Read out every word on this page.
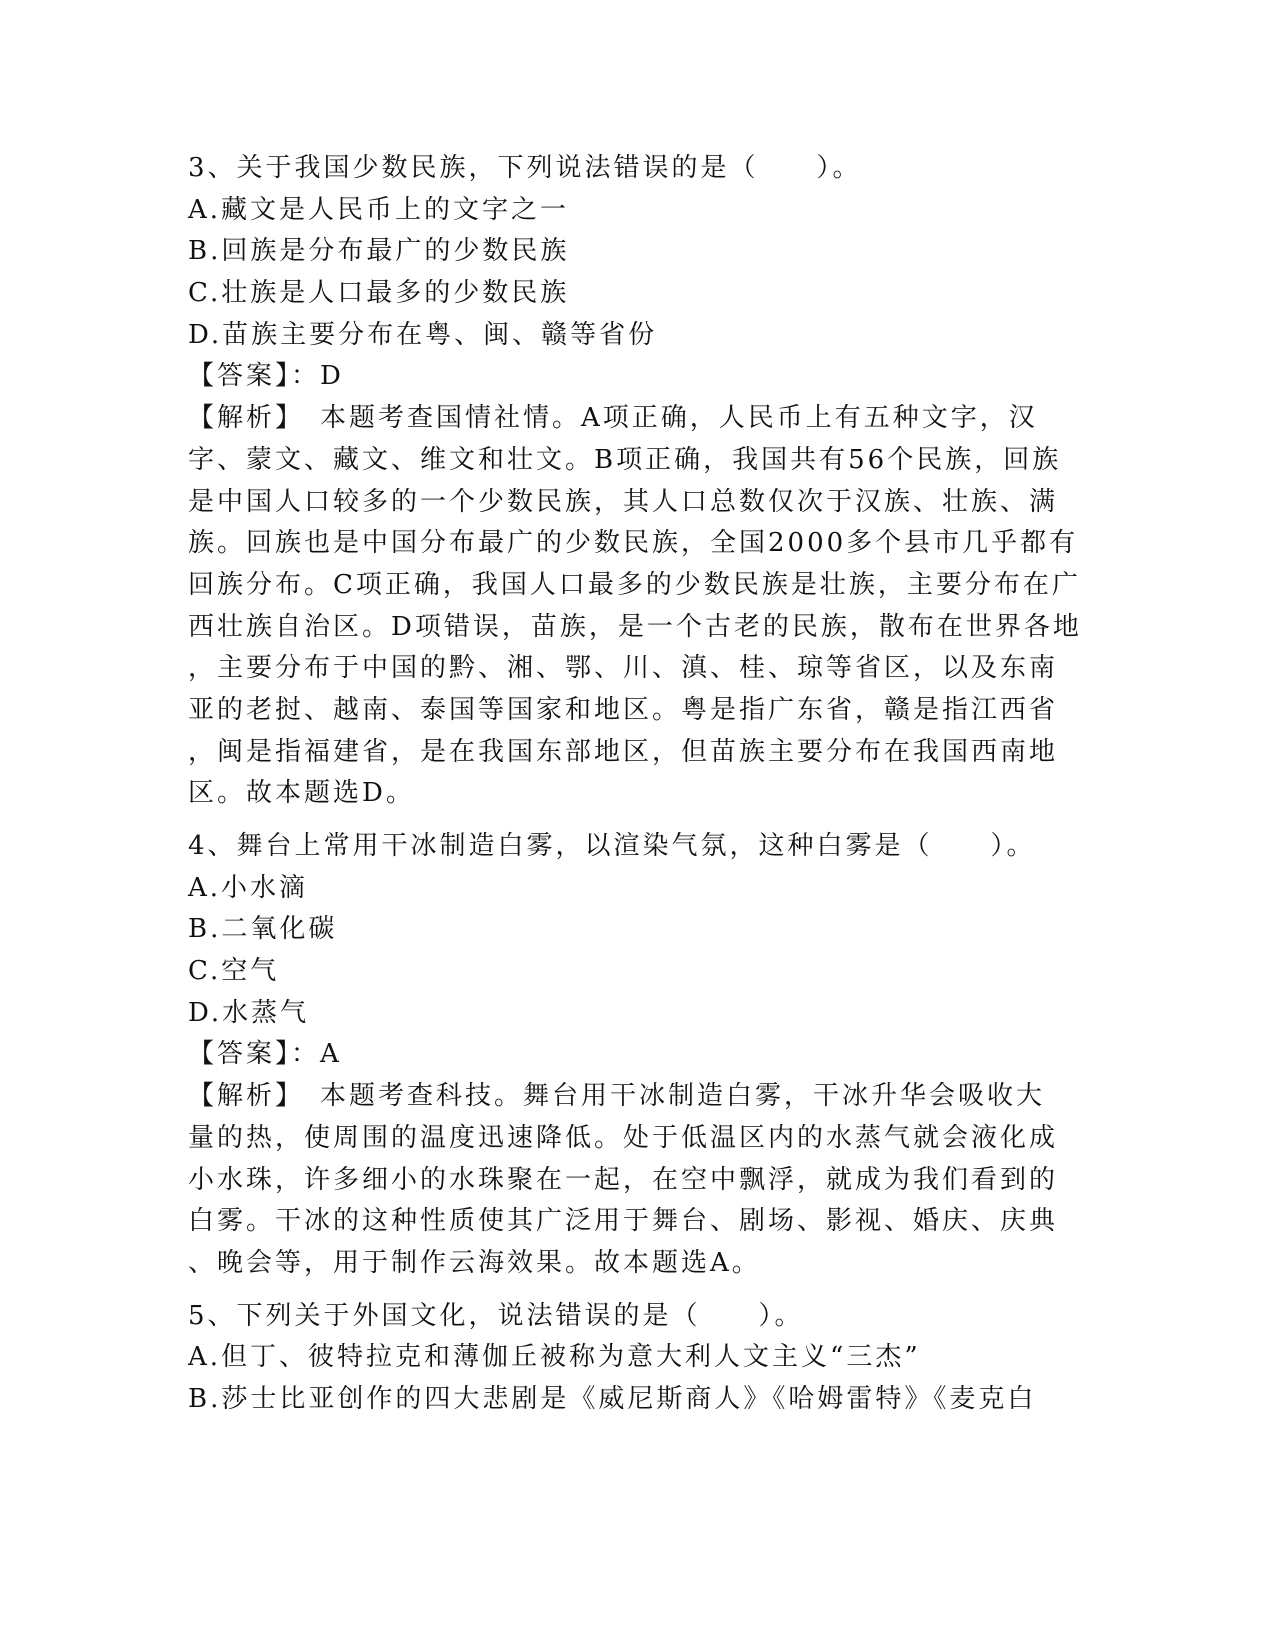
3、关于我国少数民族，下列说法错误的是（　　）。
A.藏文是人民币上的文字之一
B.回族是分布最广的少数民族
C.壮族是人口最多的少数民族
D.苗族主要分布在粤、闽、赣等省份
【答案】：D
【解析】　本题考查国情社情。A项正确，人民币上有五种文字，汉
字、蒙文、藏文、维文和壮文。B项正确，我国共有56个民族，回族
是中国人口较多的一个少数民族，其人口总数仅次于汉族、壮族、满
族。回族也是中国分布最广的少数民族，全国2000多个县市几乎都有
回族分布。C项正确，我国人口最多的少数民族是壮族，主要分布在广
西壮族自治区。D项错误，苗族，是一个古老的民族，散布在世界各地
，主要分布于中国的黔、湘、鄂、川、滇、桂、琼等省区，以及东南
亚的老挝、越南、泰国等国家和地区。粤是指广东省，赣是指江西省
，闽是指福建省，是在我国东部地区，但苗族主要分布在我国西南地
区。故本题选D。
4、舞台上常用干冰制造白雾，以渲染气氛，这种白雾是（　　）。
A.小水滴
B.二氧化碳
C.空气
D.水蒸气
【答案】：A
【解析】　本题考查科技。舞台用干冰制造白雾，干冰升华会吸收大
量的热，使周围的温度迅速降低。处于低温区内的水蒸气就会液化成
小水珠，许多细小的水珠聚在一起，在空中飘浮，就成为我们看到的
白雾。干冰的这种性质使其广泛用于舞台、剧场、影视、婚庆、庆典
、晚会等，用于制作云海效果。故本题选A。
5、下列关于外国文化，说法错误的是（　　）。
A.但丁、彼特拉克和薄伽丘被称为意大利人文主义“三杰”
B.莎士比亚创作的四大悲剧是《威尼斯商人》《哈姆雷特》《麦克白
